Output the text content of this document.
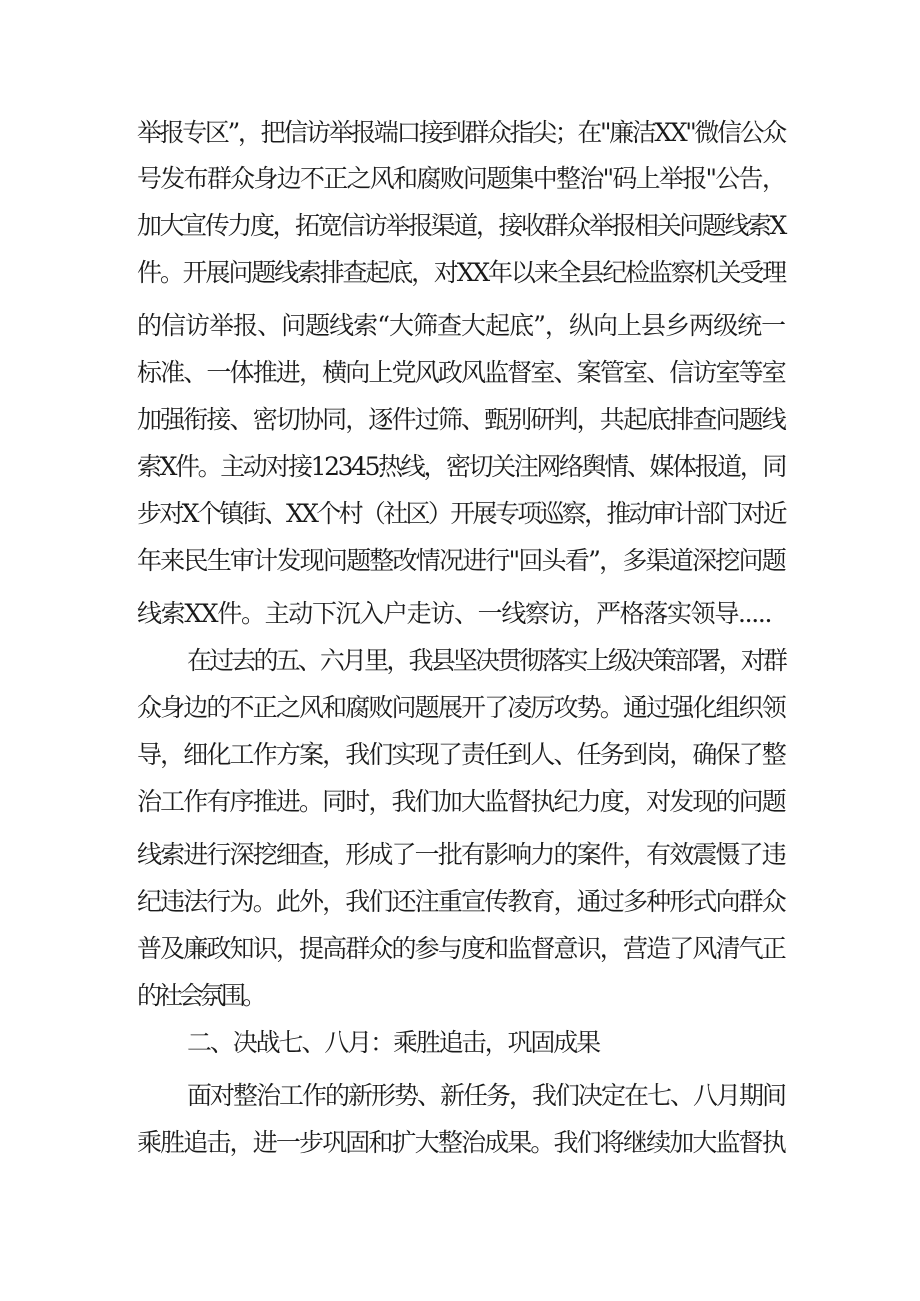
举报专区”，把信访举报端口接到群众指尖；在"廉洁XX"微信公众
号发布群众身边不正之风和腐败问题集中整治"码上举报"公告，
加大宣传力度，拓宽信访举报渠道，接收群众举报相关问题线索X
件。开展问题线索排查起底，对XX年以来全县纪检监察机关受理
的信访举报、问题线索“大筛查大起底”，纵向上县乡两级统一
标准、一体推进，横向上党风政风监督室、案管室、信访室等室
加强衔接、密切协同，逐件过筛、甄别研判，共起底排查问题线
索X件。主动对接12345热线，密切关注网络舆情、媒体报道，同
步对X个镇街、XX个村（社区）开展专项巡察，推动审计部门对近
年来民生审计发现问题整改情况进行"回头看”，多渠道深挖问题
线索XX件。主动下沉入户走访、一线察访，严格落实领导.....
在过去的五、六月里，我县坚决贯彻落实上级决策部署，对群
众身边的不正之风和腐败问题展开了凌厉攻势。通过强化组织领
导，细化工作方案，我们实现了责任到人、任务到岗，确保了整
治工作有序推进。同时，我们加大监督执纪力度，对发现的问题
线索进行深挖细查，形成了一批有影响力的案件，有效震慑了违
纪违法行为。此外，我们还注重宣传教育，通过多种形式向群众
普及廉政知识，提高群众的参与度和监督意识，营造了风清气正
的社会氛围。
二、决战七、八月：乘胜追击，巩固成果
面对整治工作的新形势、新任务，我们决定在七、八月期间
乘胜追击，进一步巩固和扩大整治成果。我们将继续加大监督执
